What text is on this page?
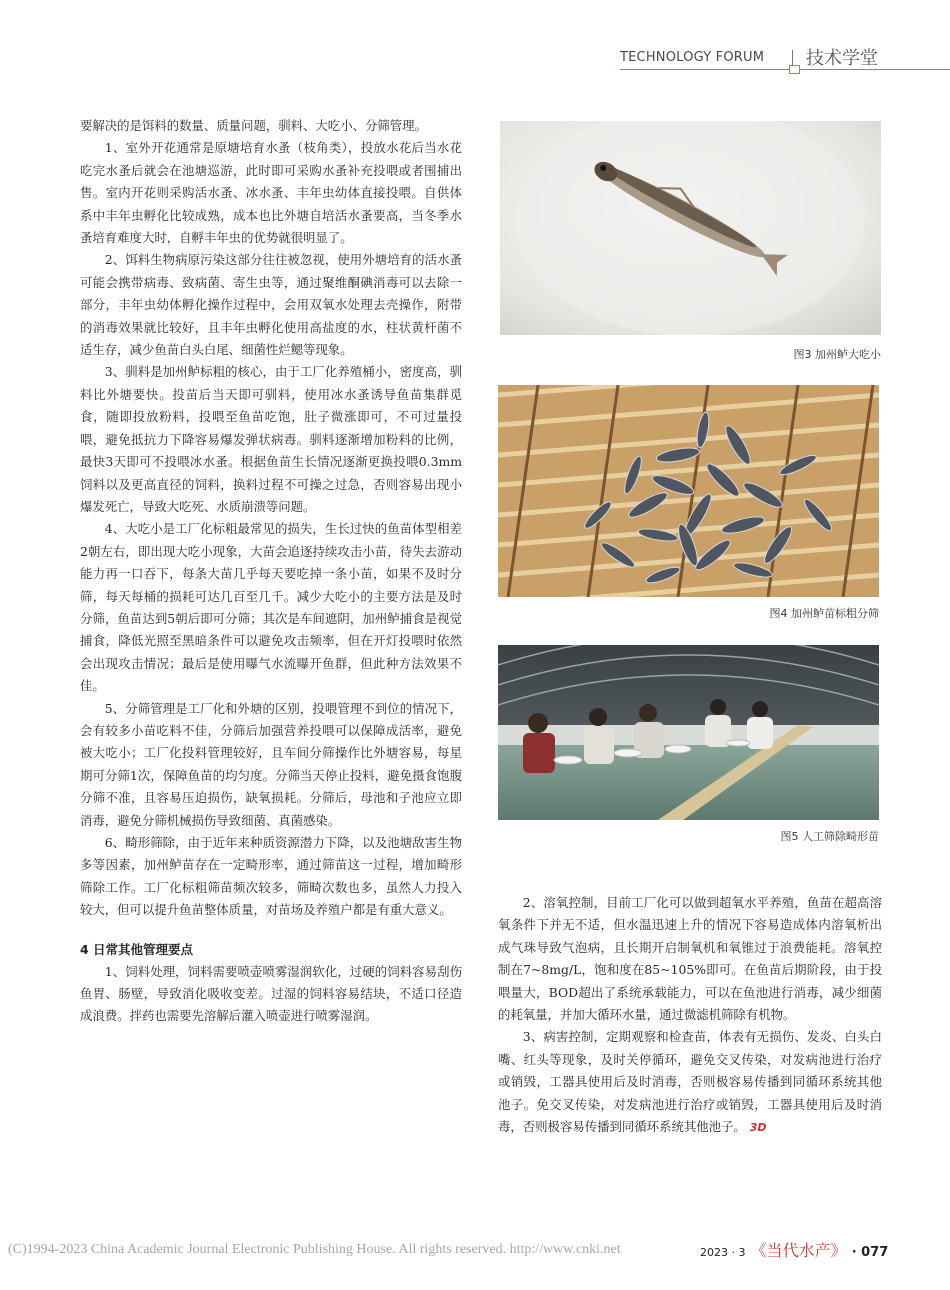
TECHNOLOGY FORUM 技术学堂

要解决的是饵料的数量、质量问题，驯料、大吃小、分筛管理。

1、室外开花通常是原塘培育水蚤（枝角类），投放水花后当水花吃完水蚤后就会在池塘巡游，此时即可采购水蚤补充投喂或者围捕出售。室内开花则采购活水蚤、冰水蚤、丰年虫幼体直接投喂。自供体系中丰年虫孵化比较成熟，成本也比外塘自培活水蚤要高，当冬季水蚤培育难度大时，自孵丰年虫的优势就很明显了。

2、饵料生物病原污染这部分往往被忽视，使用外塘培育的活水蚤可能会携带病毒、致病菌、寄生虫等，通过聚维酮碘消毒可以去除一部分，丰年虫幼体孵化操作过程中，会用双氧水处理去壳操作，附带的消毒效果就比较好，且丰年虫孵化使用高盐度的水，柱状黄杆菌不适生存，减少鱼苗白头白尾、细菌性烂鳃等现象。

3、驯料是加州鲈标粗的核心，由于工厂化养殖桶小，密度高，驯料比外塘要快。投苗后当天即可驯料，使用冰水蚤诱导鱼苗集群觅食，随即投放粉料，投喂至鱼苗吃饱，肚子微涨即可，不可过量投喂，避免抵抗力下降容易爆发弹状病毒。驯料逐渐增加粉料的比例，最快3天即可不投喂冰水蚤。根据鱼苗生长情况逐渐更换投喂0.3mm饲料以及更高直径的饲料，换料过程不可操之过急，否则容易出现小爆发死亡，导致大吃死、水质崩溃等问题。

4、大吃小是工厂化标粗最常见的损失，生长过快的鱼苗体型相差2朝左右，即出现大吃小现象，大苗会追逐持续攻击小苗，待失去游动能力再一口吞下，每条大苗几乎每天要吃掉一条小苗，如果不及时分筛，每天每桶的损耗可达几百至几千。减少大吃小的主要方法是及时分筛，鱼苗达到5朝后即可分筛；其次是车间遮阴，加州鲈捕食是视觉捕食，降低光照至黑暗条件可以避免攻击频率，但在开灯投喂时依然会出现攻击情况；最后是使用曝气水流曝开鱼群，但此种方法效果不佳。

5、分筛管理是工厂化和外塘的区别，投喂管理不到位的情况下，会有较多小苗吃料不佳，分筛后加强营养投喂可以保障成活率，避免被大吃小；工厂化投料管理较好，且车间分筛操作比外塘容易，每星期可分筛1次，保障鱼苗的均匀度。分筛当天停止投料，避免摄食饱腹分筛不准，且容易压迫损伤，缺氧损耗。分筛后，母池和子池应立即消毒，避免分筛机械损伤导致细菌、真菌感染。

6、畸形筛除，由于近年来种质资源潜力下降，以及池塘敌害生物多等因素，加州鲈苗存在一定畸形率，通过筛苗这一过程，增加畸形筛除工作。工厂化标粗筛苗频次较多，筛畸次数也多，虽然人力投入较大，但可以提升鱼苗整体质量，对苗场及养殖户都是有重大意义。

4 日常其他管理要点

1、饲料处理，饲料需要喷壶喷雾湿润软化，过硬的饲料容易刮伤鱼胃、肠壁，导致消化吸收变差。过湿的饲料容易结块，不适口径造成浪费。拌药也需要先溶解后灌入喷壶进行喷雾湿润。

图3 加州鲈大吃小
图4 加州鲈苗标粗分筛
图5 人工筛除畸形苗

2、溶氧控制，目前工厂化可以做到超氧水平养殖，鱼苗在超高溶氧条件下并无不适，但水温迅速上升的情况下容易造成体内溶氧析出成气珠导致气泡病，且长期开启制氧机和氧锥过于浪费能耗。溶氧控制在7~8mg/L，饱和度在85~105%即可。在鱼苗后期阶段，由于投喂量大，BOD超出了系统承载能力，可以在鱼池进行消毒，减少细菌的耗氧量，并加大循环水量，通过微滤机筛除有机物。

3、病害控制，定期观察和检查苗，体表有无损伤、发炎、白头白嘴、红头等现象，及时关停循环，避免交叉传染，对发病池进行治疗或销毁，工器具使用后及时消毒，否则极容易传播到同循环系统其他池子。免交叉传染，对发病池进行治疗或销毁，工器具使用后及时消毒，否则极容易传播到同循环系统其他池子。 3D

(C)1994-2023 China Academic Journal Electronic Publishing House. All rights reserved. http://www.cnki.net	2023 · 3 《当代水产》 · 077
